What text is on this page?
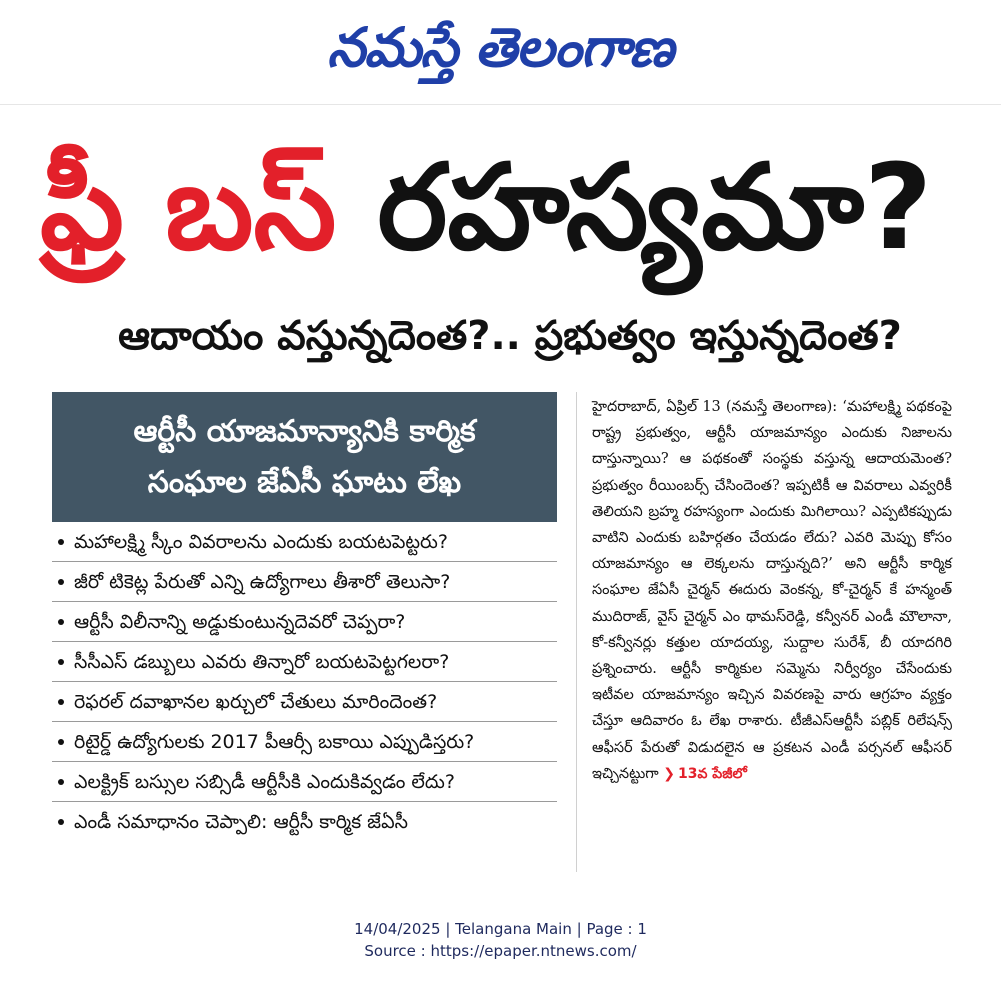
నమస్తే తెలంగాణ
ఫ్రీ బస్ రహస్యమా?
ఆదాయం వస్తున్నదెంత?.. ప్రభుత్వం ఇస్తున్నదెంత?
ఆర్టీసీ యాజమాన్యానికి కార్మిక
సంఘాల జేఏసీ ఘాటు లేఖ
మహాలక్ష్మి స్కీం వివరాలను ఎందుకు బయటపెట్టరు?
జీరో టికెట్ల పేరుతో ఎన్ని ఉద్యోగాలు తీశారో తెలుసా?
ఆర్టీసీ విలీనాన్ని అడ్డుకుంటున్నదెవరో చెప్పరా?
సీసీఎస్ డబ్బులు ఎవరు తిన్నారో బయటపెట్టగలరా?
రెఫరల్ దవాఖానల ఖర్చులో చేతులు మారిందెంత?
రిటైర్డ్ ఉద్యోగులకు 2017 పీఆర్సీ బకాయి ఎప్పుడిస్తరు?
ఎలక్ట్రిక్ బస్సుల సబ్సిడీ ఆర్టీసీకి ఎందుకివ్వడం లేదు?
ఎండీ సమాధానం చెప్పాలి: ఆర్టీసీ కార్మిక జేఏసీ

హైదరాబాద్, ఏప్రిల్ 13 (నమస్తే తెలంగాణ): ‘మహాలక్ష్మి పథకంపై రాష్ట్ర ప్రభుత్వం, ఆర్టీసీ యాజమాన్యం ఎందుకు నిజాలను దాస్తున్నాయి? ఆ పథకంతో సంస్థకు వస్తున్న ఆదాయమెంత? ప్రభుత్వం రీయింబర్స్ చేసిందెంత? ఇప్పటికీ ఆ వివరాలు ఎవ్వరికీ తెలియని బ్రహ్మ రహస్యంగా ఎందుకు మిగిలాయి? ఎప్పటికప్పుడు వాటిని ఎందుకు బహిర్గతం చేయడం లేదు? ఎవరి మెప్పు కోసం యాజమాన్యం ఆ లెక్కలను దాస్తున్నది?’ అని ఆర్టీసీ కార్మిక సంఘాల జేఏసీ చైర్మన్ ఈదురు వెంకన్న, కో-చైర్మన్ కే హన్మంత్ ముదిరాజ్, వైస్ చైర్మన్ ఎం థామస్‌రెడ్డి, కన్వీనర్ ఎండీ మౌలానా, కో-కన్వీనర్లు కత్తుల యాదయ్య, సుద్దాల సురేశ్, బీ యాదగిరి ప్రశ్నించారు. ఆర్టీసీ కార్మికుల సమ్మెను నిర్వీర్యం చేసేందుకు ఇటీవల యాజమాన్యం ఇచ్చిన వివరణపై వారు ఆగ్రహం వ్యక్తం చేస్తూ ఆదివారం ఓ లేఖ రాశారు. టీజీఎస్‌ఆర్టీసీ పబ్లిక్ రిలేషన్స్ ఆఫీసర్ పేరుతో విడుదలైన ఆ ప్రకటన ఎండీ పర్సనల్ ఆఫీసర్ ఇచ్చినట్టుగా ❯ 13వ పేజీలో

14/04/2025 | Telangana Main | Page : 1
Source : https://epaper.ntnews.com/
